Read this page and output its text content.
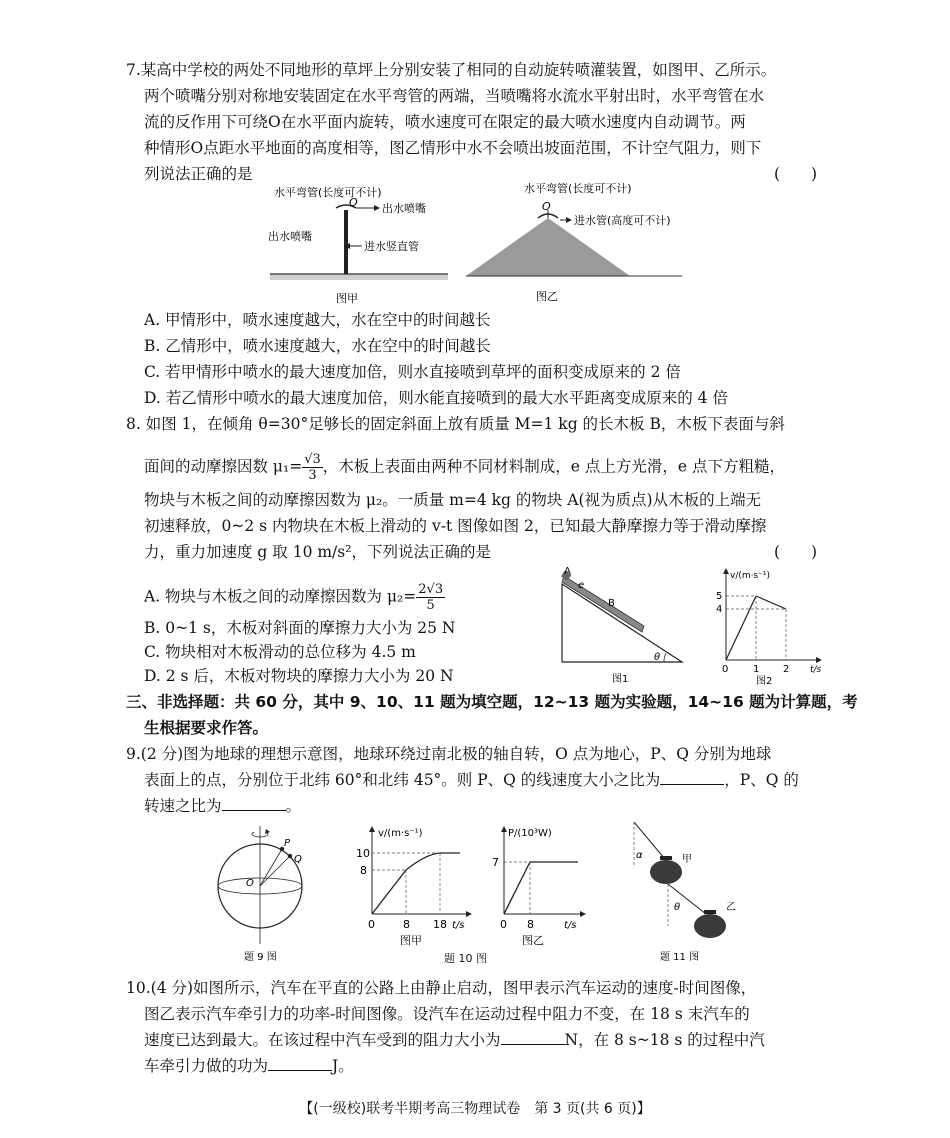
7.某高中学校的两处不同地形的草坪上分别安装了相同的自动旋转喷灌装置，如图甲、乙所示。
两个喷嘴分别对称地安装固定在水平弯管的两端，当喷嘴将水流水平射出时，水平弯管在水
流的反作用下可绕O在水平面内旋转，喷水速度可在限定的最大喷水速度内自动调节。两
种情形O点距水平地面的高度相等，图乙情形中水不会喷出坡面范围，不计空气阻力，则下
列说法正确的是	(　　)
水平弯管(长度可不计)
O 出水喷嘴
出水喷嘴
进水竖直管
图甲
水平弯管(长度可不计)
O
进水管(高度可不计)
图乙
A. 甲情形中，喷水速度越大，水在空中的时间越长
B. 乙情形中，喷水速度越大，水在空中的时间越长
C. 若甲情形中喷水的最大速度加倍，则水直接喷到草坪的面积变成原来的 2 倍
D. 若乙情形中喷水的最大速度加倍，则水能直接喷到的最大水平距离变成原来的 4 倍
8. 如图 1，在倾角 θ=30°足够长的固定斜面上放有质量 M=1 kg 的长木板 B，木板下表面与斜
面间的动摩擦因数 $\mu_1= \frac{√3}{3}$ ，木板上表面由两种不同材料制成，e 点上方光滑，e 点下方粗糙，
物块与木板之间的动摩擦因数为 μ₂。一质量 m=4 kg 的物块 A(视为质点)从木板的上端无
初速释放，0~2 s 内物块在木板上滑动的 v-t 图像如图 2，已知最大静摩擦力等于滑动摩擦
力，重力加速度 g 取 10 m/s²，下列说法正确的是	(　　)
A. 物块与木板之间的动摩擦因数为 $\mu_2= \frac{2√3}{5}$
B. 0~1 s，木板对斜面的摩擦力大小为 25 N
C. 物块相对木板滑动的总位移为 4.5 m
D. 2 s 后，木板对物块的摩擦力大小为 20 N
A
e
B
θ
图1
v/(m·s⁻¹)
5
4
0 1 2 t/s
图2
三、非选择题：共 60 分，其中 9、10、11 题为填空题，12~13 题为实验题，14~16 题为计算题，考
生根据要求作答。
9.(2 分)图为地球的理想示意图，地球环绕过南北极的轴自转，O 点为地心，P、Q 分别为地球
表面上的点，分别位于北纬 60°和北纬 45°。则 P、Q 的线速度大小之比为	，P、Q 的
转速之比为	。
P
Q
O
题 9 图
v/(m·s⁻¹)
10
8
0	8 18 t/s
图甲
P/(10³W)
7
0 8	t/s
图乙
题 10 图
α	甲
θ	乙
题 11 图
10.(4 分)如图所示，汽车在平直的公路上由静止启动，图甲表示汽车运动的速度-时间图像，
图乙表示汽车牵引力的功率-时间图像。设汽车在运动过程中阻力不变，在 18 s 末汽车的
速度已达到最大。在该过程中汽车受到的阻力大小为	N，在 8 s~18 s 的过程中汽
车牵引力做的功为	J。
【(一级校)联考半期考高三物理试卷　第 3 页(共 6 页)】
